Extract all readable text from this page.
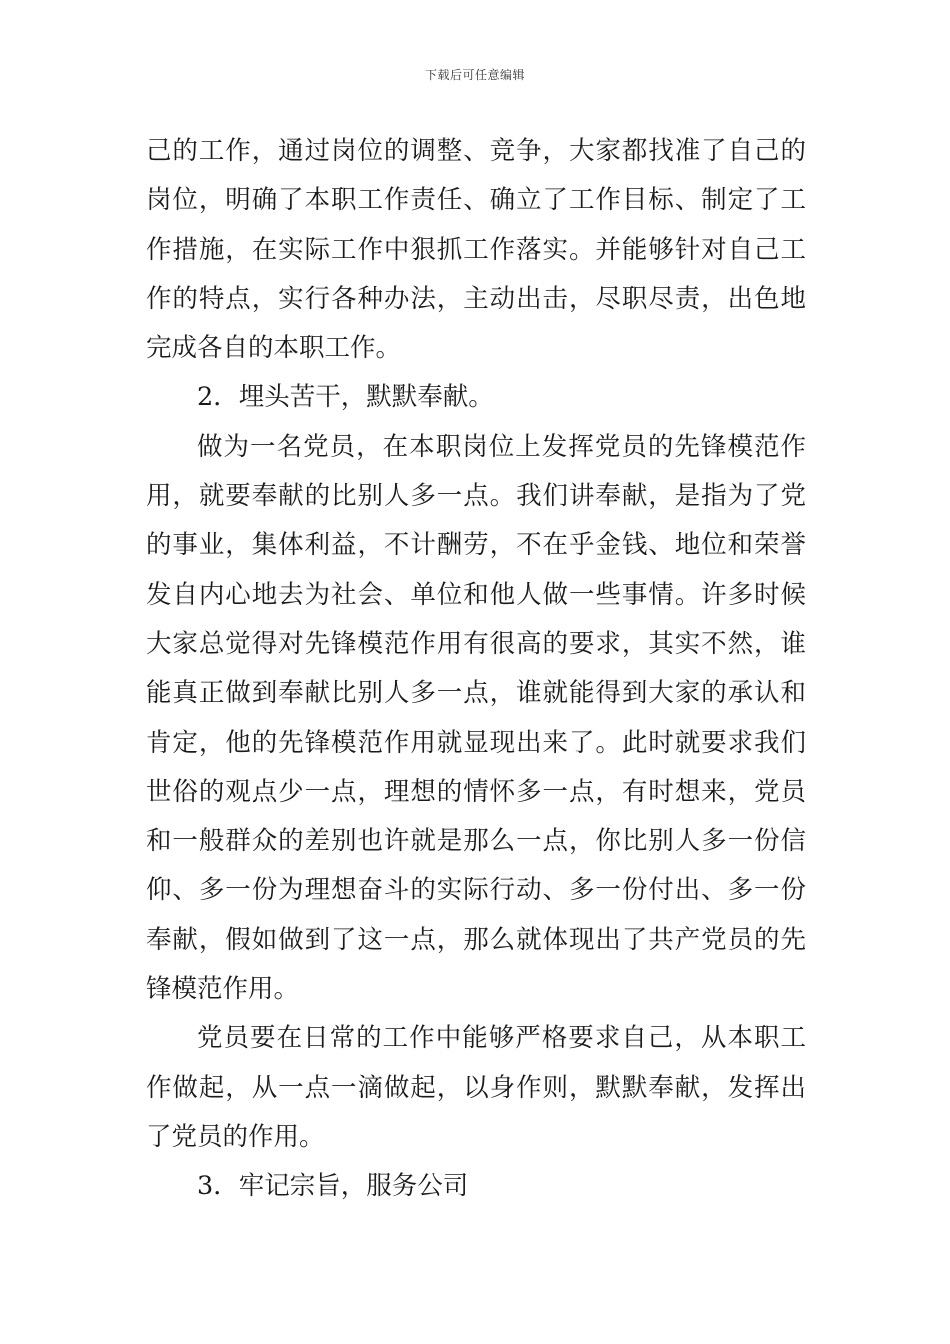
下载后可任意编辑
己的工作，通过岗位的调整、竞争，大家都找准了自己的
岗位，明确了本职工作责任、确立了工作目标、制定了工
作措施，在实际工作中狠抓工作落实。并能够针对自己工
作的特点，实行各种办法，主动出击，尽职尽责，出色地
完成各自的本职工作。
2．埋头苦干，默默奉献。
做为一名党员，在本职岗位上发挥党员的先锋模范作
用，就要奉献的比别人多一点。我们讲奉献，是指为了党
的事业，集体利益，不计酬劳，不在乎金钱、地位和荣誉
发自内心地去为社会、单位和他人做一些事情。许多时候
大家总觉得对先锋模范作用有很高的要求，其实不然，谁
能真正做到奉献比别人多一点，谁就能得到大家的承认和
肯定，他的先锋模范作用就显现出来了。此时就要求我们
世俗的观点少一点，理想的情怀多一点，有时想来，党员
和一般群众的差别也许就是那么一点，你比别人多一份信
仰、多一份为理想奋斗的实际行动、多一份付出、多一份
奉献，假如做到了这一点，那么就体现出了共产党员的先
锋模范作用。
党员要在日常的工作中能够严格要求自己，从本职工
作做起，从一点一滴做起，以身作则，默默奉献，发挥出
了党员的作用。
3．牢记宗旨，服务公司
